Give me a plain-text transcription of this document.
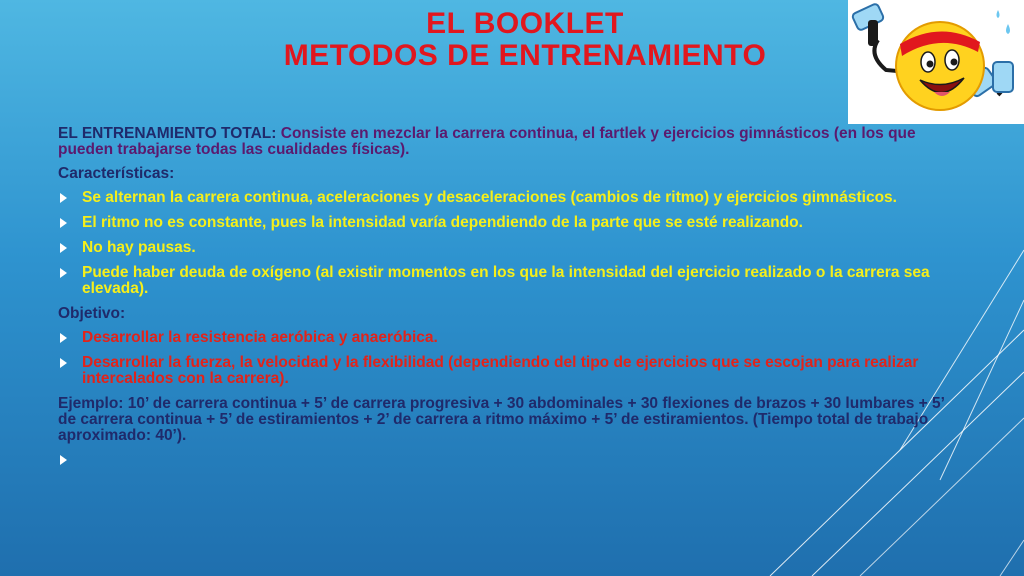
EL BOOKLET
METODOS DE ENTRENAMIENTO
EL ENTRENAMIENTO TOTAL: Consiste en mezclar la carrera continua, el fartlek y ejercicios gimnásticos (en los que pueden trabajarse todas las cualidades físicas).
Características:
Se alternan la carrera continua, aceleraciones y desaceleraciones (cambios de ritmo) y ejercicios gimnásticos.
El ritmo no es constante, pues la intensidad varía dependiendo de la parte que se esté realizando.
No hay pausas.
Puede haber deuda de oxígeno (al existir momentos en los que la intensidad del ejercicio realizado o la carrera sea elevada).
Objetivo:
Desarrollar la resistencia aeróbica y anaeróbica.
Desarrollar la fuerza, la velocidad y la flexibilidad (dependiendo del tipo de ejercicios que se escojan para realizar intercalados con la carrera).
Ejemplo: 10’ de carrera continua + 5’ de carrera progresiva + 30 abdominales + 30 flexiones de brazos + 30 lumbares + 5’ de carrera continua + 5’ de estiramientos + 2’ de carrera a ritmo máximo + 5’ de estiramientos. (Tiempo total de trabajo aproximado: 40’).
